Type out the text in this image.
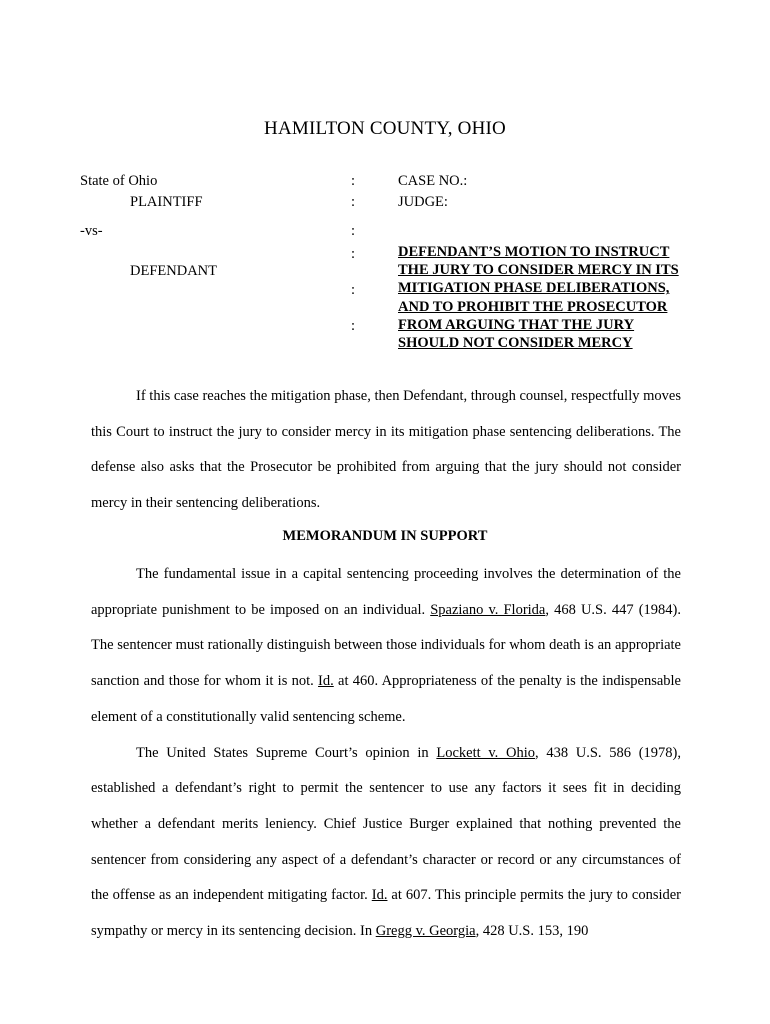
HAMILTON COUNTY, OHIO
State of Ohio
PLAINTIFF
-vs-
DEFENDANT
:
:
:
:
:
:
CASE NO.:
JUDGE:
DEFENDANT’S MOTION TO INSTRUCT
THE JURY TO CONSIDER MERCY IN ITS
MITIGATION PHASE DELIBERATIONS,
AND TO PROHIBIT THE PROSECUTOR
FROM ARGUING THAT THE JURY
SHOULD NOT CONSIDER MERCY

If this case reaches the mitigation phase, then Defendant, through counsel, respectfully moves this Court to instruct the jury to consider mercy in its mitigation phase sentencing deliberations. The defense also asks that the Prosecutor be prohibited from arguing that the jury should not consider mercy in their sentencing deliberations.

MEMORANDUM IN SUPPORT

The fundamental issue in a capital sentencing proceeding involves the determination of the appropriate punishment to be imposed on an individual. Spaziano v. Florida, 468 U.S. 447 (1984). The sentencer must rationally distinguish between those individuals for whom death is an appropriate sanction and those for whom it is not. Id. at 460. Appropriateness of the penalty is the indispensable element of a constitutionally valid sentencing scheme.

The United States Supreme Court’s opinion in Lockett v. Ohio, 438 U.S. 586 (1978), established a defendant’s right to permit the sentencer to use any factors it sees fit in deciding whether a defendant merits leniency. Chief Justice Burger explained that nothing prevented the sentencer from considering any aspect of a defendant’s character or record or any circumstances of the offense as an independent mitigating factor. Id. at 607. This principle permits the jury to consider sympathy or mercy in its sentencing decision. In Gregg v. Georgia, 428 U.S. 153, 190
